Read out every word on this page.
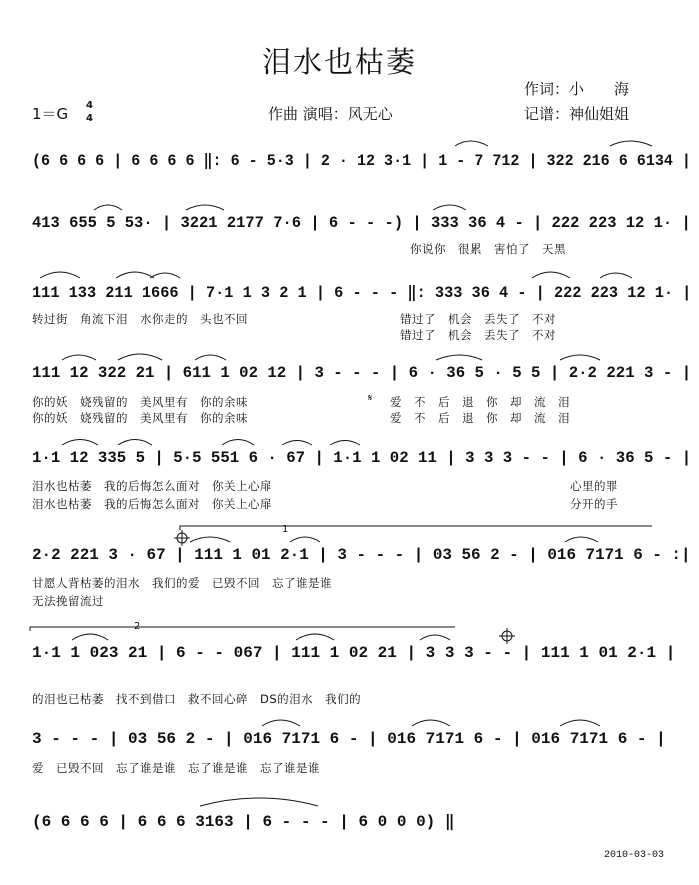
泪水也枯萎
作词：小　　海
1＝G 4
4	作曲 演唱：风无心	记谱：神仙姐姐
(6 6 6 6 | 6 6 6 6 ‖: 6 - 5·3 | 2 · 12 3·1 | 1 - 7 712 | 322 216 6 6134 |
413 655 5 53· | 3221 2177 7·6 | 6 - - -) | 333 36 4 - | 222 223 12 1· |
你说你　很累　害怕了　天黑
111 133 211 1666 | 7·1 1 3 2 1 | 6 - - - ‖: 333 36 4 - | 222 223 12 1· |
转过街　角流下泪　水你走的　头也不回	错过了　机会　丢失了　不对
错过了　机会　丢失了　不对
111 12 322 21 | 611 1 02 12 | 3 - - - | 6 · 36 5 · 5 5 | 2·2 221 3 - |
你的妖　娆残留的　美风里有　你的余味
你的妖　娆残留的　美风里有　你的余味
𝄋 爱　不　后　退　你　却　流　泪
爱　不　后　退　你　却　流　泪
1·1 12 335 5 | 5·5 551 6 · 67 | 1·1 1 02 11 | 3 3 3 - - | 6 · 36 5 - |
泪水也枯萎　我的后悔怎么面对　你关上心扉
泪水也枯萎　我的后悔怎么面对　你关上心扉
心里的罪
分开的手
1
2·2 221 3 · 67 | 111 1 01 2·1 | 3 - - - | 03 56 2 - | 016 7171 6 - :|
甘愿人背枯萎的泪水　我们的爱　已毁不回　忘了谁是谁
无法挽留流过
2
1·1 1 023 21 | 6 - - 067 | 111 1 02 21 | 3 3 3 - - | 111 1 01 2·1 |
的泪也已枯萎　找不到借口　救不回心碎　DS的泪水　我们的
3 - - - | 03 56 2 - | 016 7171 6 - | 016 7171 6 - | 016 7171 6 - |
爱　已毁不回　忘了谁是谁　忘了谁是谁　忘了谁是谁
(6 6 6 6 | 6 6 6 3163 | 6 - - - | 6 0 0 0) ‖
2010-03-03
